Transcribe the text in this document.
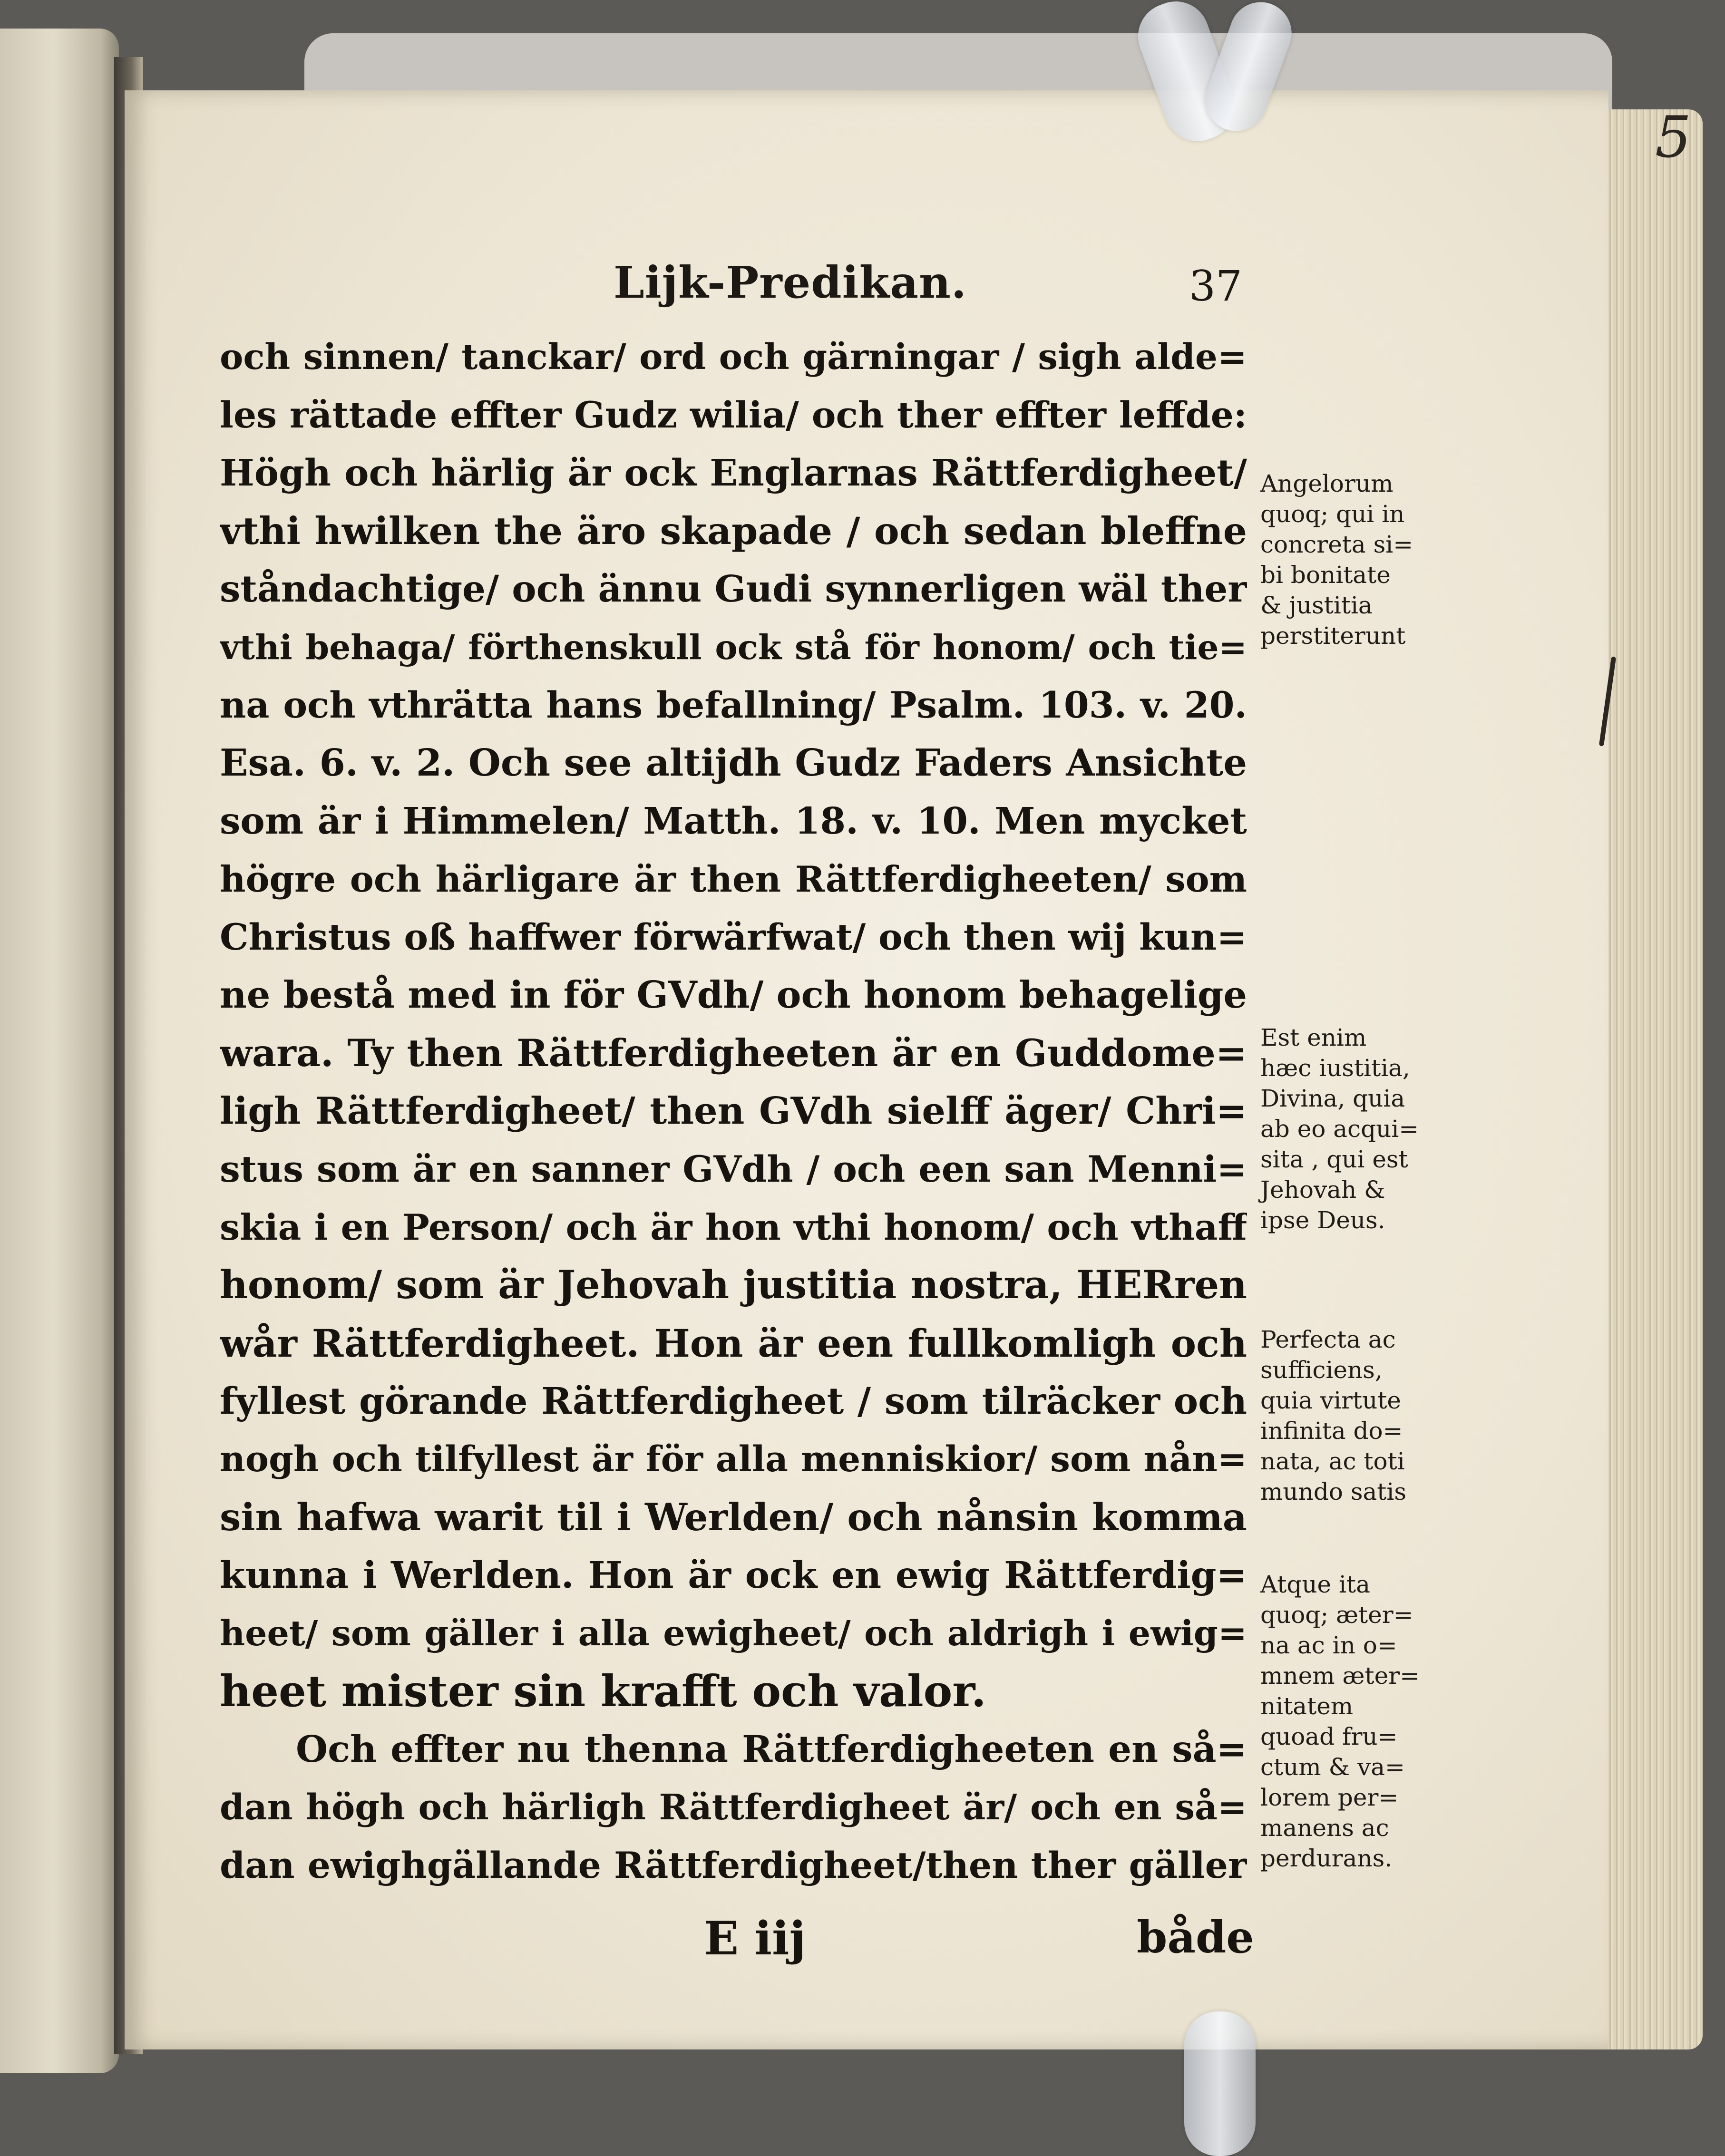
5
Lijk-Predikan.	37
och sinnen/ tanckar/ ord och gärningar / sigh alde=
les rättade effter Gudz wilia/ och ther effter leffde:
Högh och härlig är ock Englarnas Rättferdigheet/
vthi hwilken the äro skapade / och sedan bleffne
ståndachtige/ och ännu Gudi synnerligen wäl ther
vthi behaga/ förthenskull ock stå för honom/ och tie=
na och vthrätta hans befallning/ Psalm. 103. v. 20.
Esa. 6. v. 2. Och see altijdh Gudz Faders Ansichte
som är i Himmelen/ Matth. 18. v. 10. Men mycket
högre och härligare är then Rättferdigheeten/ som
Christus oß haffwer förwärfwat/ och then wij kun=
ne bestå med in för GVdh/ och honom behagelige
wara. Ty then Rättferdigheeten är en Guddome=
ligh Rättferdigheet/ then GVdh sielff äger/ Chri=
stus som är en sanner GVdh / och een san Menni=
skia i en Person/ och är hon vthi honom/ och vthaff
honom/ som är Jehovah justitia nostra, HERren
wår Rättferdigheet. Hon är een fullkomligh och
fyllest görande Rättferdigheet / som tilräcker och
nogh och tilfyllest är för alla menniskior/ som nån=
sin hafwa warit til i Werlden/ och nånsin komma
kunna i Werlden. Hon är ock en ewig Rättferdig=
heet/ som gäller i alla ewigheet/ och aldrigh i ewig=
heet mister sin krafft och valor.
Och effter nu thenna Rättferdigheeten en så=
dan högh och härligh Rättferdigheet är/ och en så=
dan ewighgällande Rättferdigheet/then ther gäller
E iij	både
Angelorum
quoq; qui in
concreta si=
bi bonitate
& justitia
perstiterunt
Est enim
hæc iustitia,
Divina, quia
ab eo acqui=
sita , qui est
Jehovah &
ipse Deus.
Perfecta ac
sufficiens,
quia virtute
infinita do=
nata, ac toti
mundo satis
Atque ita
quoq; æter=
na ac in o=
mnem æter=
nitatem
quoad fru=
ctum & va=
lorem per=
manens ac
perdurans.
